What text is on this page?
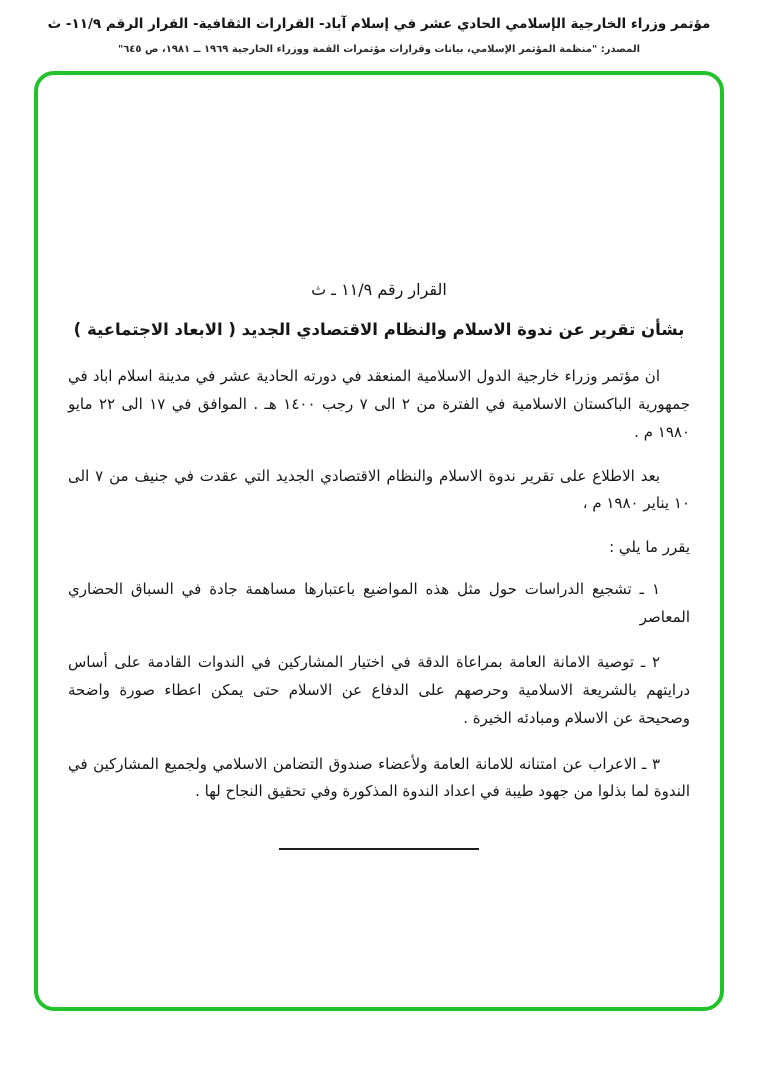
مؤتمر وزراء الخارجية الإسلامي الحادي عشر في إسلام آباد- القرارات الثقافية- القرار الرقم ١١/٩- ث
المصدر: "منظمة المؤتمر الإسلامي، بيانات وقرارات مؤتمرات القمة ووزراء الخارجية ١٩٦٩ ــ ١٩٨١، ص ٦٤٥"
القرار رقم ١١/٩ ـ ث
بشأن تقرير عن ندوة الاسلام والنظام الاقتصادي الجديد ( الابعاد الاجتماعية )

ان مؤتمر وزراء خارجية الدول الاسلامية المنعقد في دورته الحادية عشر في مدينة اسلام اباد في جمهورية الباكستان الاسلامية في الفترة من ٢ الى ٧ رجب ١٤٠٠ هـ . الموافق في ١٧ الى ٢٢ مايو ١٩٨٠ م .

بعد الاطلاع على تقرير ندوة الاسلام والنظام الاقتصادي الجديد التي عقدت في جنيف من ٧ الى ١٠ يناير ١٩٨٠ م ،

يقرر ما يلي :

١ ـ تشجيع الدراسات حول مثل هذه المواضيع باعتبارها مساهمة جادة في السباق الحضاري المعاصر

٢ ـ توصية الامانة العامة بمراعاة الدقة في اختيار المشاركين في الندوات القادمة على أساس درايتهم بالشريعة الاسلامية وحرصهم على الدفاع عن الاسلام حتى يمكن اعطاء صورة واضحة وصحيحة عن الاسلام ومبادئه الخيرة .

٣ ـ الاعراب عن امتنانه للامانة العامة ولأعضاء صندوق التضامن الاسلامي ولجميع المشاركين في الندوة لما بذلوا من جهود طيبة في اعداد الندوة المذكورة وفي تحقيق النجاح لها .
